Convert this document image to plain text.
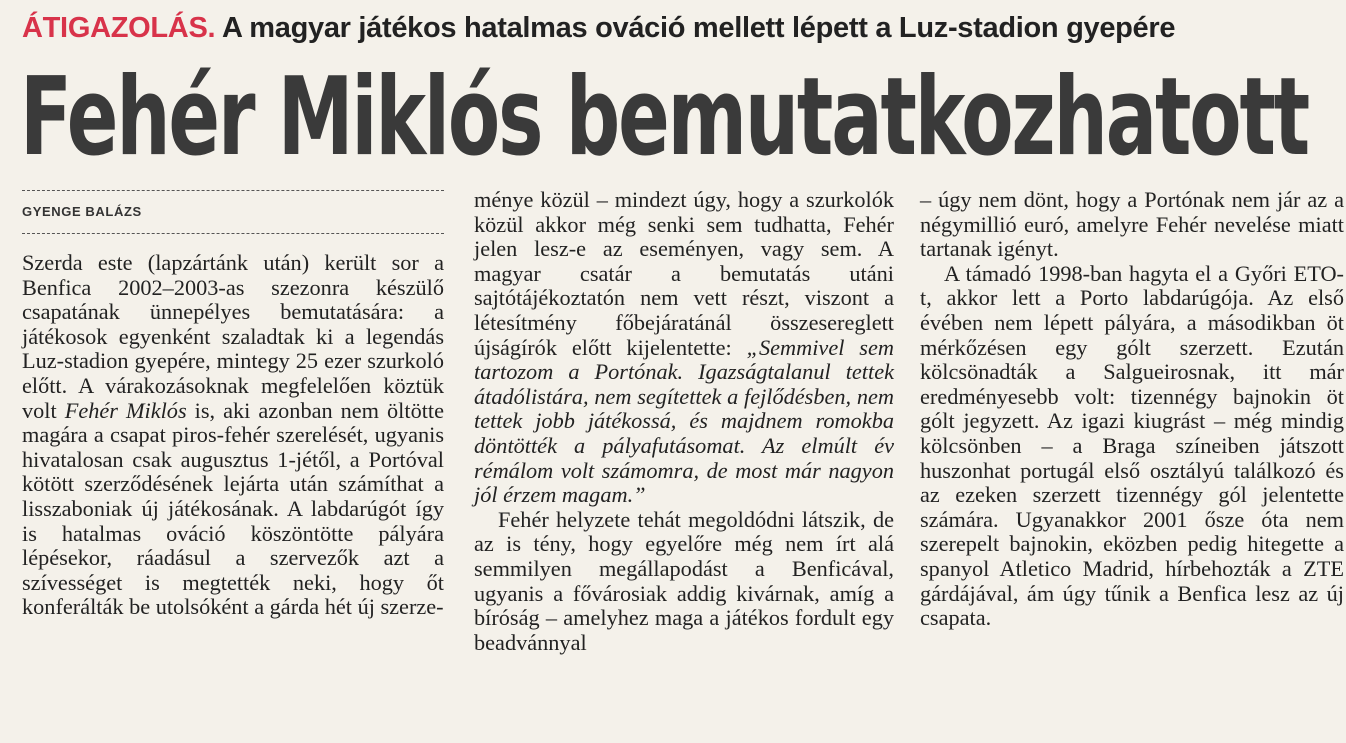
ÁTIGAZOLÁS. A magyar játékos hatalmas ováció mellett lépett a Luz-stadion gyepére
Fehér Miklós bemutatkozhatott
GYENGE BALÁZS

Szerda este (lapzártánk után) került sor a Benfica 2002–2003-as szezonra készülő csapatának ünnepélyes bemutatására: a játékosok egyenként szaladtak ki a legendás Luz-stadion gyepére, mintegy 25 ezer szurkoló előtt. A várakozásoknak megfelelően köztük volt Fehér Miklós is, aki azonban nem öltötte magára a csapat piros-fehér szerelését, ugyanis hivatalosan csak augusztus 1-jétől, a Portóval kötött szerződésének lejárta után számíthat a lisszaboniak új játékosának. A labdarúgót így is hatalmas ováció köszöntötte pályára lépésekor, ráadásul a szervezők azt a szívességet is megtették neki, hogy őt konferálták be utolsóként a gárda hét új szerze-

ménye közül – mindezt úgy, hogy a szurkolók közül akkor még senki sem tudhatta, Fehér jelen lesz-e az eseményen, vagy sem. A magyar csatár a bemutatás utáni sajtótájékoztatón nem vett részt, viszont a létesítmény főbejáratánál összesereglett újságírók előtt kijelentette: „Semmivel sem tartozom a Portónak. Igazságtalanul tettek átadólistára, nem segítettek a fejlődésben, nem tettek jobb játékossá, és majdnem romokba döntötték a pályafutásomat. Az elmúlt év rémálom volt számomra, de most már nagyon jól érzem magam.”

Fehér helyzete tehát megoldódni látszik, de az is tény, hogy egyelőre még nem írt alá semmilyen megállapodást a Benficával, ugyanis a fővárosiak addig kivárnak, amíg a bíróság – amelyhez maga a játékos fordult egy beadvánnyal

– úgy nem dönt, hogy a Portónak nem jár az a négymillió euró, amelyre Fehér nevelése miatt tartanak igényt.

A támadó 1998-ban hagyta el a Győri ETO-t, akkor lett a Porto labdarúgója. Az első évében nem lépett pályára, a másodikban öt mérkőzésen egy gólt szerzett. Ezután kölcsönadták a Salgueirosnak, itt már eredményesebb volt: tizennégy bajnokin öt gólt jegyzett. Az igazi kiugrást – még mindig kölcsönben – a Braga színeiben játszott huszonhat portugál első osztályú találkozó és az ezeken szerzett tizennégy gól jelentette számára. Ugyanakkor 2001 ősze óta nem szerepelt bajnokin, eközben pedig hitegette a spanyol Atletico Madrid, hírbehozták a ZTE gárdájával, ám úgy tűnik a Benfica lesz az új csapata.
